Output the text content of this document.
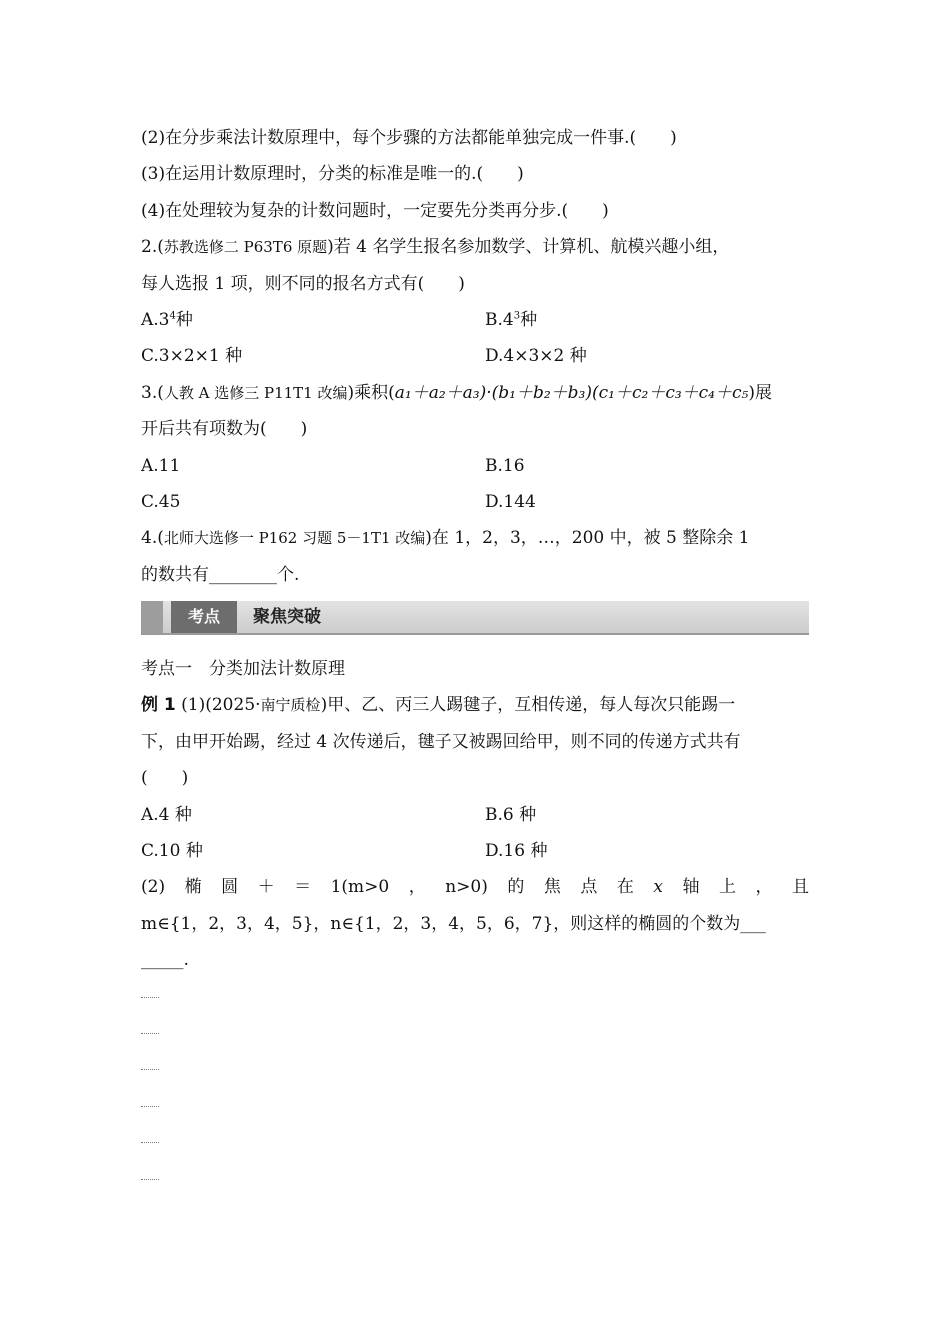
(2)在分步乘法计数原理中，每个步骤的方法都能单独完成一件事.(　　)
(3)在运用计数原理时，分类的标准是唯一的.(　　)
(4)在处理较为复杂的计数问题时，一定要先分类再分步.(　　)
2.(苏教选修二 P63T6 原题)若 4 名学生报名参加数学、计算机、航模兴趣小组，
每人选报 1 项，则不同的报名方式有(　　)
$A.3^4$种	$B.4^3$种
C.3×2×1 种	D.4×3×2 种
3.(人教 A 选修三 P11T1 改编)乘积(a₁＋a₂＋a₃)·(b₁＋b₂＋b₃)(c₁＋c₂＋c₃＋c₄＋c₅)展
开后共有项数为(　　)
A.11	B.16
C.45	D.144
4.(北师大选修一 P162 习题 5－1T1 改编)在 1，2，3，…，200 中，被 5 整除余 1
的数共有________个.
考点	聚焦突破
考点一　分类加法计数原理
例 1 (1)(2025·南宁质检)甲、乙、丙三人踢毽子，互相传递，每人每次只能踢一
下，由甲开始踢，经过 4 次传递后，毽子又被踢回给甲，则不同的传递方式共有
(　　)
A.4 种	B.6 种
C.10 种	D.16 种
(2) 椭 圆 ＋ ＝ 1(m>0 ， n>0) 的 焦 点 在 x 轴 上 ， 且
m∈{1，2，3，4，5}，n∈{1，2，3，4，5，6，7}，则这样的椭圆的个数为___
_____.
